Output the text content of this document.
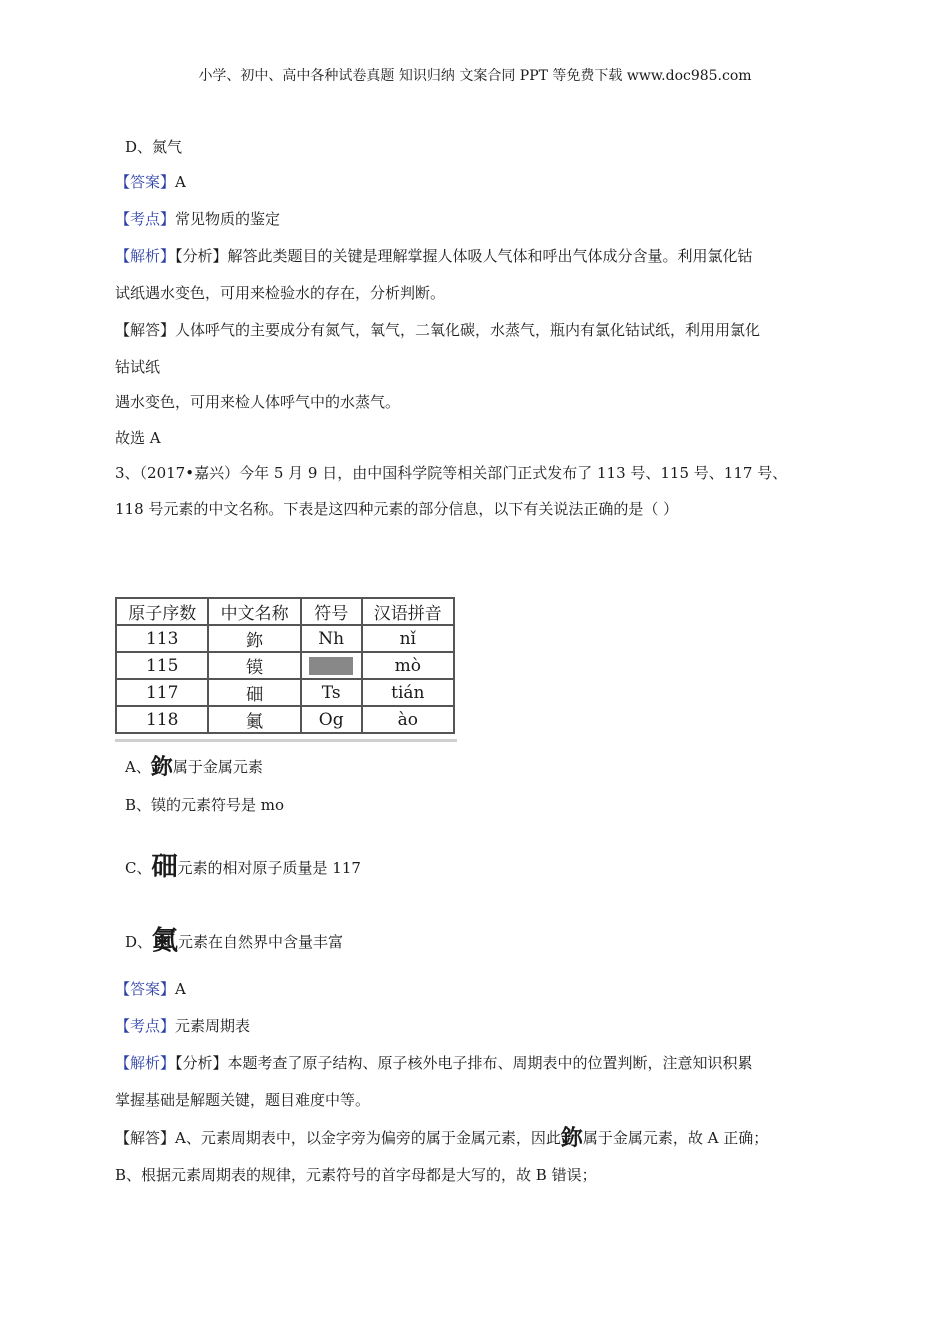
小学、初中、高中各种试卷真题 知识归纳 文案合同 PPT 等免费下载 www.doc985.com
D、氮气
【答案】A
【考点】常见物质的鉴定
【解析】【分析】解答此类题目的关键是理解掌握人体吸人气体和呼出气体成分含量。利用氯化钴
试纸遇水变色，可用来检验水的存在，分析判断。
【解答】人体呼气的主要成分有氮气，氧气，二氧化碳，水蒸气，瓶内有氯化钴试纸，利用用氯化
钴试纸
遇水变色，可用来检人体呼气中的水蒸气。
故选 A
3、（2017•嘉兴）今年 5 月 9 日，由中国科学院等相关部门正式发布了 113 号、115 号、117 号、
118 号元素的中文名称。下表是这四种元素的部分信息，以下有关说法正确的是（ ）
原子序数	中文名称	符号	汉语拼音
113	鉨	Nh	nǐ
115	镆		mò
117	鿬	Ts	tián
118	鿫	Og	ào
A、鉨属于金属元素
B、镆的元素符号是 mo
C、鿬元素的相对原子质量是 117
D、鿫元素在自然界中含量丰富
【答案】A
【考点】元素周期表
【解析】【分析】本题考查了原子结构、原子核外电子排布、周期表中的位置判断，注意知识积累
掌握基础是解题关键，题目难度中等。
【解答】A、元素周期表中，以金字旁为偏旁的属于金属元素，因此鉨属于金属元素，故 A 正确；
B、根据元素周期表的规律，元素符号的首字母都是大写的，故 B 错误；
